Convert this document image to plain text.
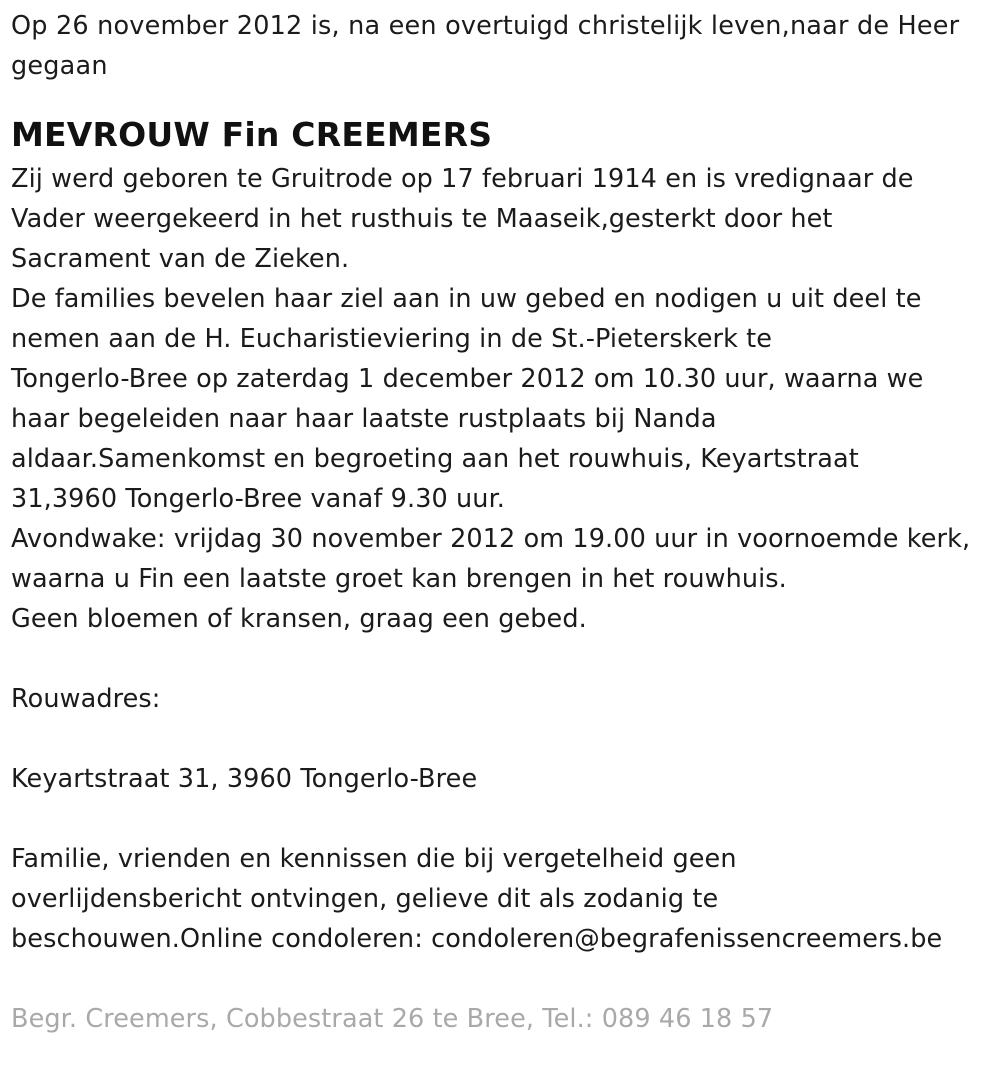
Op 26 november 2012 is, na een overtuigd christelijk leven,naar de Heer
gegaan
MEVROUW Fin CREEMERS
Zij werd geboren te Gruitrode op 17 februari 1914 en is vredignaar de
Vader weergekeerd in het rusthuis te Maaseik,gesterkt door het
Sacrament van de Zieken.
De families bevelen haar ziel aan in uw gebed en nodigen u uit deel te
nemen aan de H. Eucharistieviering in de St.-Pieterskerk te
Tongerlo-Bree op zaterdag 1 december 2012 om 10.30 uur, waarna we
haar begeleiden naar haar laatste rustplaats bij Nanda
aldaar.Samenkomst en begroeting aan het rouwhuis, Keyartstraat
31,3960 Tongerlo-Bree vanaf 9.30 uur.
Avondwake: vrijdag 30 november 2012 om 19.00 uur in voornoemde kerk,
waarna u Fin een laatste groet kan brengen in het rouwhuis.
Geen bloemen of kransen, graag een gebed.
Rouwadres:
Keyartstraat 31, 3960 Tongerlo-Bree
Familie, vrienden en kennissen die bij vergetelheid geen
overlijdensbericht ontvingen, gelieve dit als zodanig te
beschouwen.Online condoleren: condoleren@begrafenissencreemers.be
Begr. Creemers, Cobbestraat 26 te Bree, Tel.: 089 46 18 57
